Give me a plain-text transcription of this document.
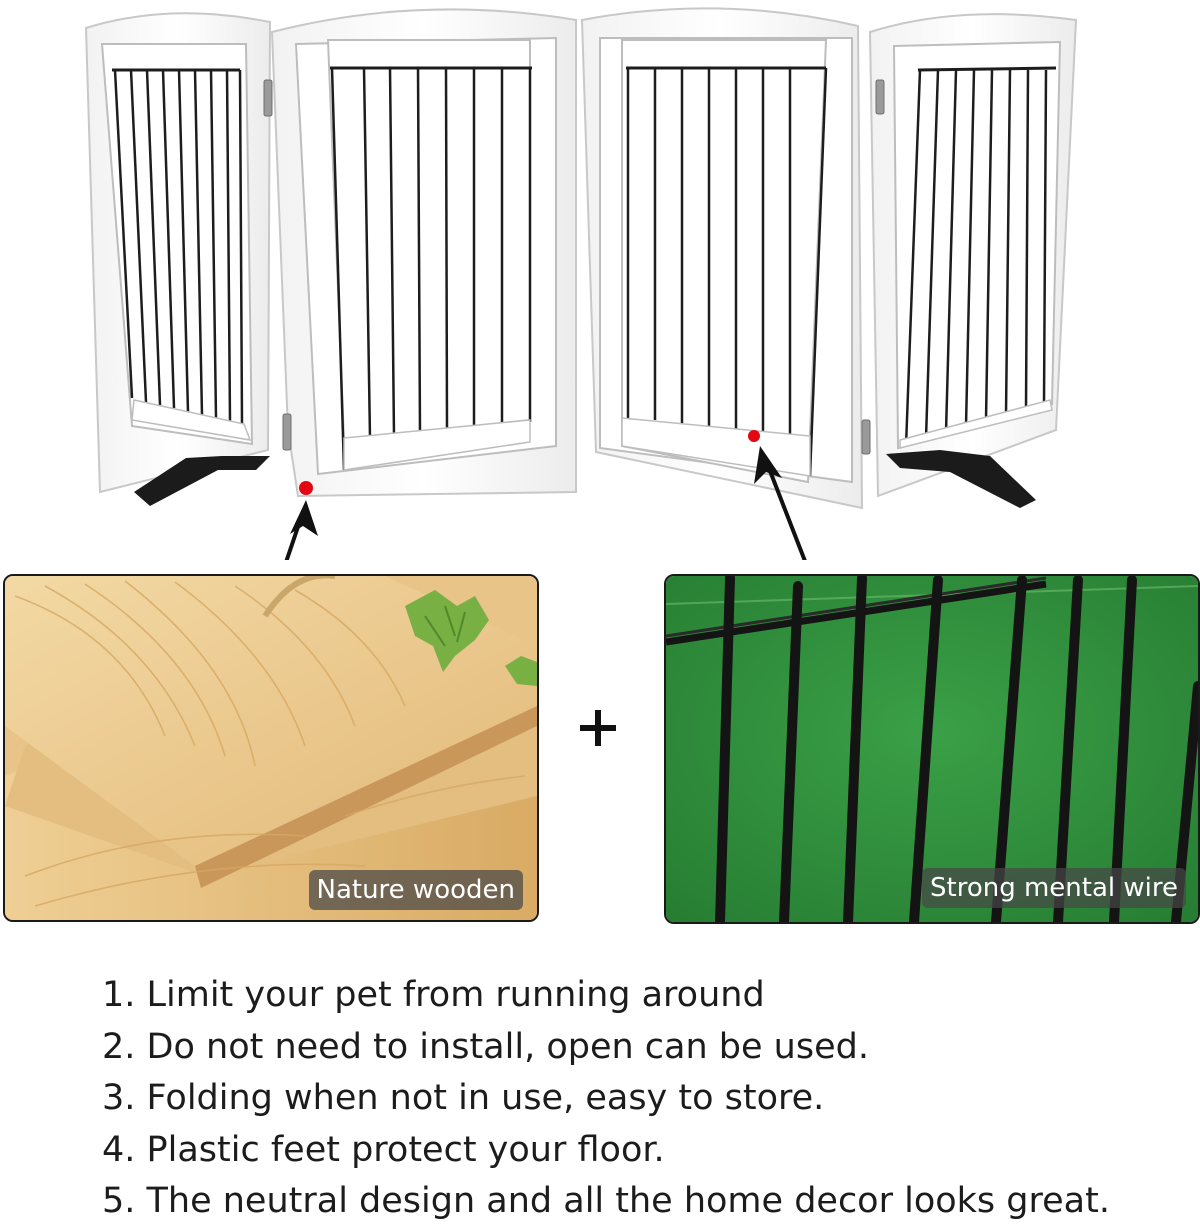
Nature wooden	Strong mental wire
1. Limit your pet from running around
2. Do not need to install, open can be used.
3. Folding when not in use, easy to store.
4. Plastic feet protect your floor.
5. The neutral design and all the home decor looks great.
